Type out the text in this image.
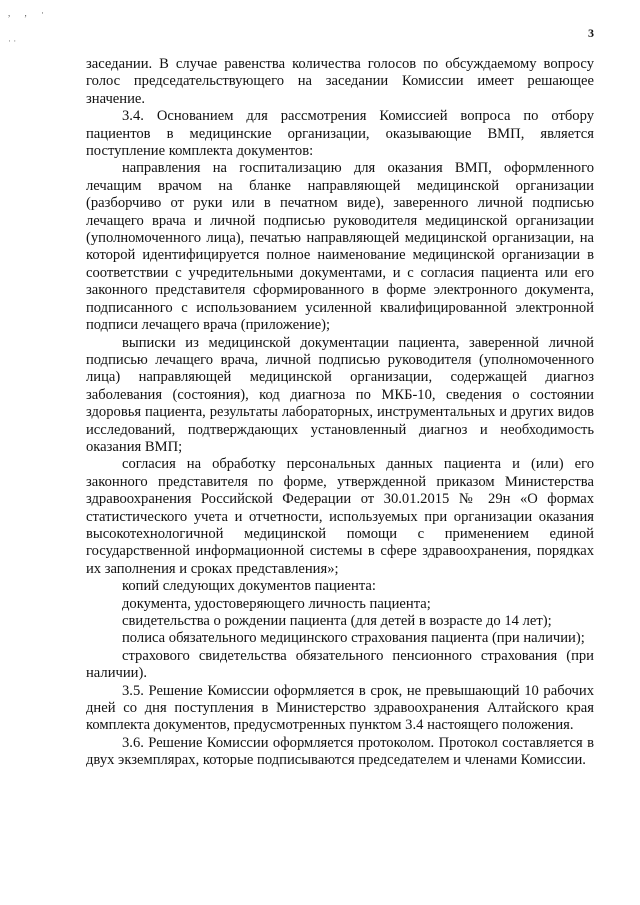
, , ·
· ·
3

заседании. В случае равенства количества голосов по обсуждаемому вопросу голос председательствующего на заседании Комиссии имеет решающее значение.

3.4. Основанием для рассмотрения Комиссией вопроса по отбору пациентов в медицинские организации, оказывающие ВМП, является поступление комплекта документов:

направления на госпитализацию для оказания ВМП, оформленного лечащим врачом на бланке направляющей медицинской организации (разборчиво от руки или в печатном виде), заверенного личной подписью лечащего врача и личной подписью руководителя медицинской организации (уполномоченного лица), печатью направляющей медицинской организации, на которой идентифицируется полное наименование медицинской организации в соответствии с учредительными документами, и с согласия пациента или его законного представителя сформированного в форме электронного документа, подписанного с использованием усиленной квалифицированной электронной подписи лечащего врача (приложение);

выписки из медицинской документации пациента, заверенной личной подписью лечащего врача, личной подписью руководителя (уполномоченного лица) направляющей медицинской организации, содержащей диагноз заболевания (состояния), код диагноза по МКБ-10, сведения о состоянии здоровья пациента, результаты лабораторных, инструментальных и других видов исследований, подтверждающих установленный диагноз и необходимость оказания ВМП;

согласия на обработку персональных данных пациента и (или) его законного представителя по форме, утвержденной приказом Министерства здравоохранения Российской Федерации от 30.01.2015 № 29н «О формах статистического учета и отчетности, используемых при организации оказания высокотехнологичной медицинской помощи с применением единой государственной информационной системы в сфере здравоохранения, порядках их заполнения и сроках представления»;

копий следующих документов пациента:

документа, удостоверяющего личность пациента;

свидетельства о рождении пациента (для детей в возрасте до 14 лет);

полиса обязательного медицинского страхования пациента (при наличии);

страхового свидетельства обязательного пенсионного страхования (при наличии).

3.5. Решение Комиссии оформляется в срок, не превышающий 10 рабочих дней со дня поступления в Министерство здравоохранения Алтайского края комплекта документов, предусмотренных пунктом 3.4 настоящего положения.

3.6. Решение Комиссии оформляется протоколом. Протокол составляется в двух экземплярах, которые подписываются председателем и членами Комиссии.
